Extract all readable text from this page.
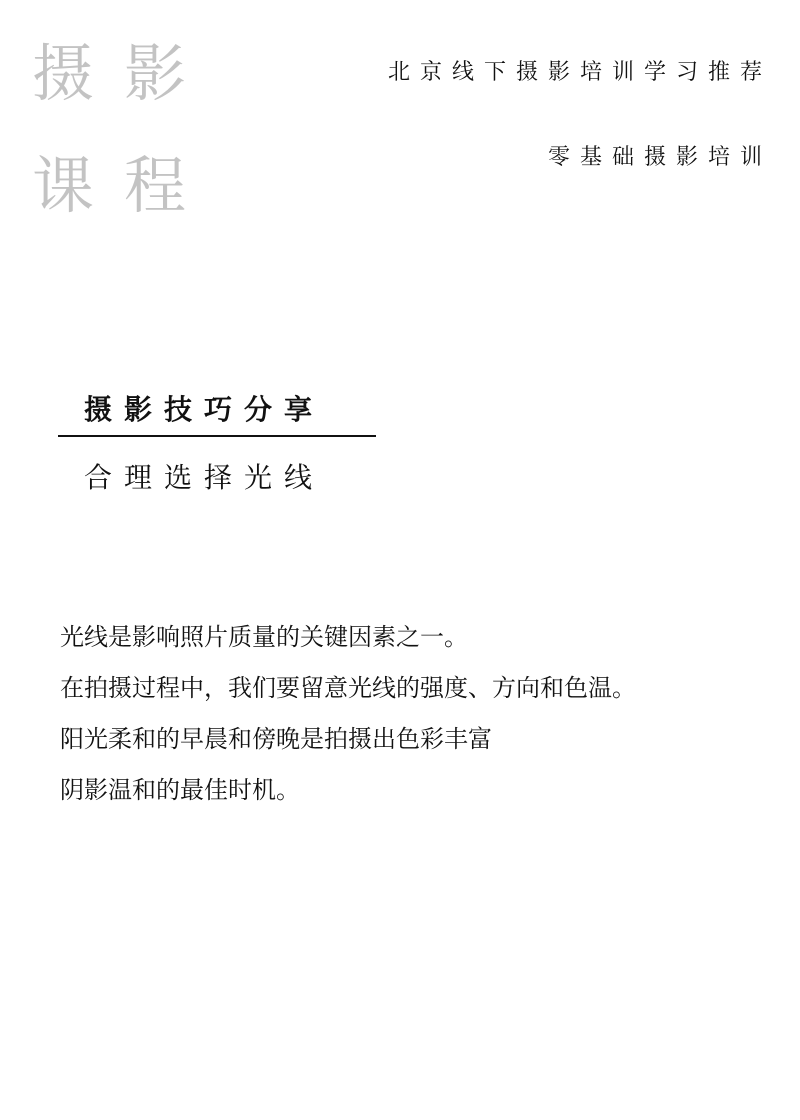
摄影
课程
北京线下摄影培训学习推荐
零基础摄影培训
摄影技巧分享
合理选择光线
光线是影响照片质量的关键因素之一。
在拍摄过程中，我们要留意光线的强度、方向和色温。
阳光柔和的早晨和傍晚是拍摄出色彩丰富
阴影温和的最佳时机。
